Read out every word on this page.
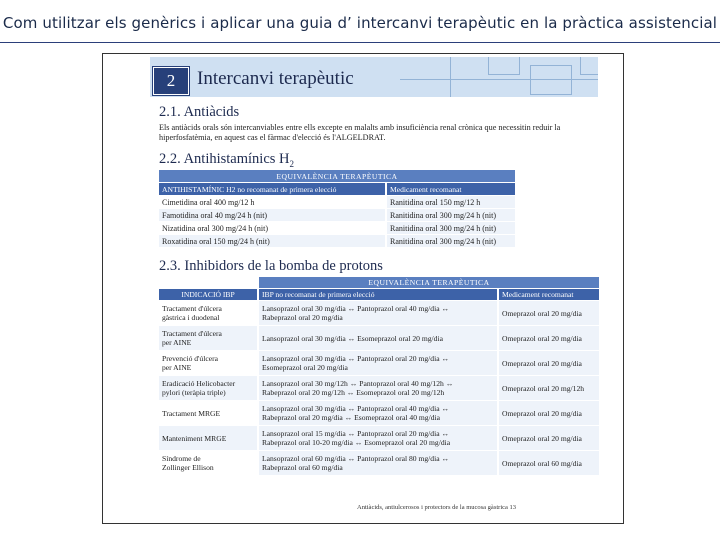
Com utilitzar els genèrics i aplicar una guia d’ intercanvi terapèutic en la pràctica assistencial
2	Intercanvi terapèutic
2.1. Antiàcids
Els antiàcids orals són intercanviables entre ells excepte en malalts amb insuficiència renal crònica que necessitin reduir la hiperfosfatèmia, en aquest cas el fàrmac d'elecció és l'ALGELDRAT.
2.2. Antihistamínics $H_2$
EQUIVALÈNCIA TERAPÈUTICA		
ANTIHISTAMÍNIC H2 no recomanat de primera elecció		Medicament recomanat
Cimetidina oral 400 mg/12 h		Ranitidina oral 150 mg/12 h
Famotidina oral 40 mg/24 h (nit)		Ranitidina oral 300 mg/24 h (nit)
Nizatidina oral 300 mg/24 h (nit)		Ranitidina oral 300 mg/24 h (nit)
Roxatidina oral 150 mg/24 h (nit)		Ranitidina oral 300 mg/24 h (nit)
2.3. Inhibidors de la bomba de protons
		EQUIVALÈNCIA TERAPÈUTICA		
INDICACIÓ IBP		IBP no recomanat de primera elecció		Medicament recomanat
Tractament d'úlcera
gàstrica i duodenal		Lansoprazol oral 30 mg/dia ↔ Pantoprazol oral 40 mg/dia ↔
Rabeprazol oral 20 mg/dia		Omeprazol oral 20 mg/dia
Tractament d'úlcera
per AINE		Lansoprazol oral 30 mg/dia ↔ Esomeprazol oral 20 mg/dia		Omeprazol oral 20 mg/dia
Prevenció d'úlcera
per AINE		Lansoprazol oral 30 mg/dia ↔ Pantoprazol oral 20 mg/dia ↔
Esomeprazol oral 20 mg/dia		Omeprazol oral 20 mg/dia
Eradicació Helicobacter
pylori (teràpia triple)		Lansoprazol oral 30 mg/12h ↔ Pantoprazol oral 40 mg/12h ↔
Rabeprazol oral 20 mg/12h ↔ Esomeprazol oral 20 mg/12h		Omeprazol oral 20 mg/12h
Tractament MRGE		Lansoprazol oral 30 mg/dia ↔ Pantoprazol oral 40 mg/dia ↔
Rabeprazol oral 20 mg/dia ↔ Esomeprazol oral 40 mg/dia		Omeprazol oral 20 mg/dia
Manteniment MRGE		Lansoprazol oral 15 mg/dia ↔ Pantoprazol oral 20 mg/dia ↔
Rabeprazol oral 10-20 mg/dia ↔ Esomeprazol oral 20 mg/dia		Omeprazol oral 20 mg/dia
Síndrome de
Zollinger Ellison		Lansoprazol oral 60 mg/dia ↔ Pantoprazol oral 80 mg/dia ↔
Rabeprazol oral 60 mg/dia		Omeprazol oral 60 mg/dia
Antiàcids, antiulcerosos i protectors de la mucosa gàstrica 13
